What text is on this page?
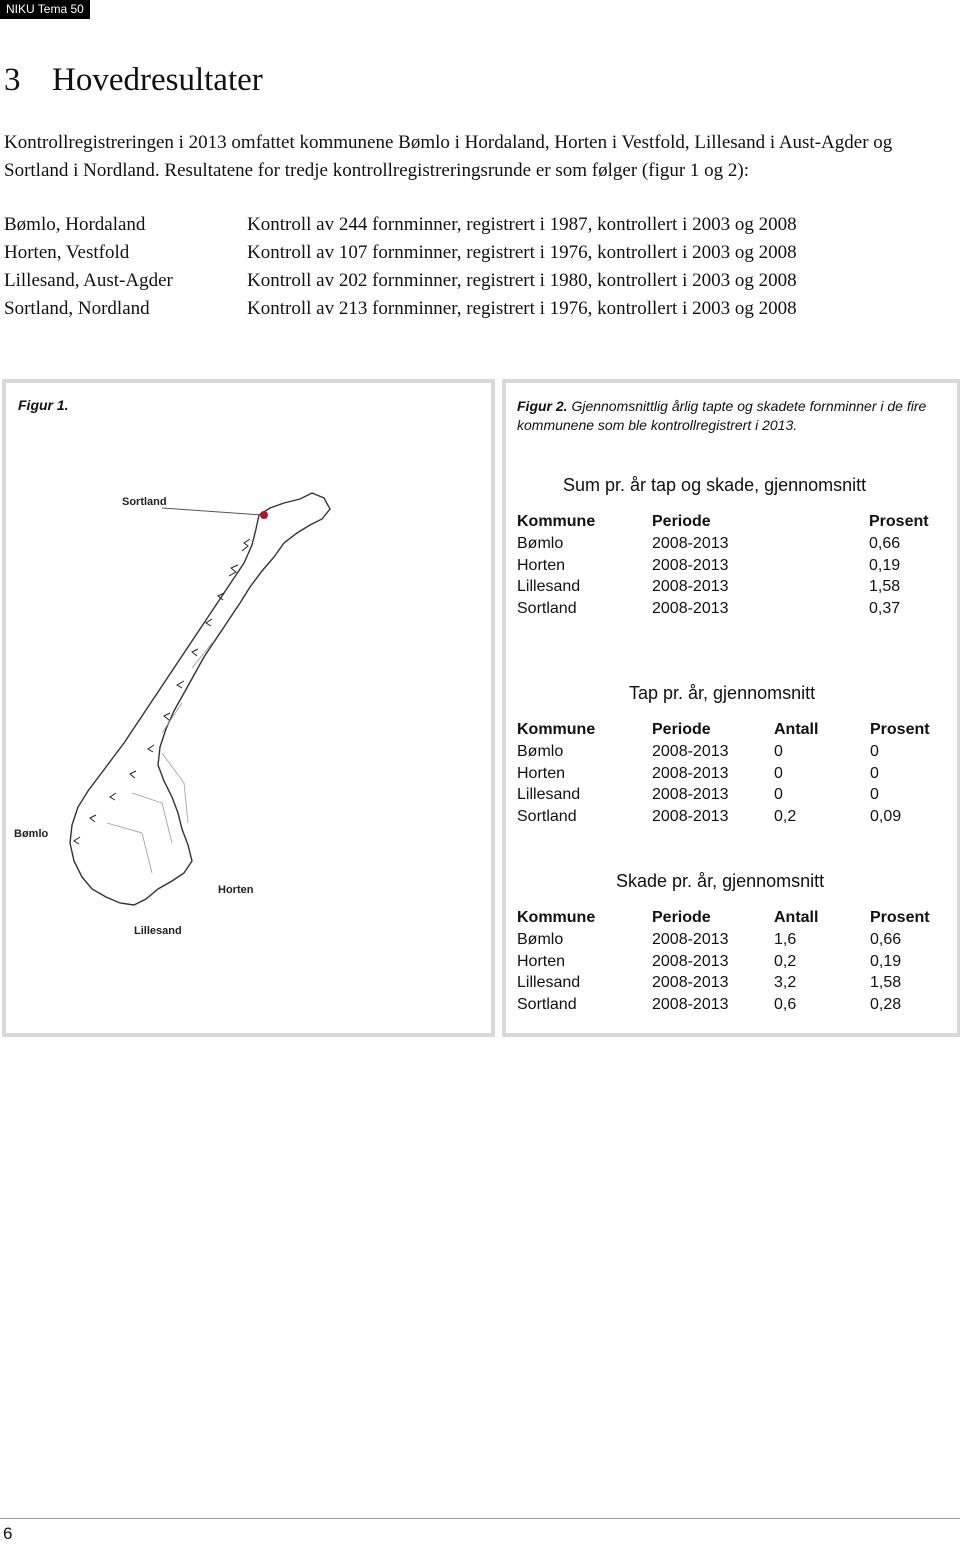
NIKU Tema 50
3 Hovedresultater
Kontrollregistreringen i 2013 omfattet kommunene Bømlo i Hordaland, Horten i Vestfold, Lillesand i Aust-Agder og Sortland i Nordland. Resultatene for tredje kontrollregistreringsrunde er som følger (figur 1 og 2):
Bømlo, Hordaland	Kontroll av 244 fornminner, registrert i 1987, kontrollert i 2003 og 2008
Horten, Vestfold	Kontroll av 107 fornminner, registrert i 1976, kontrollert i 2003 og 2008
Lillesand, Aust-Agder	Kontroll av 202 fornminner, registrert i 1980, kontrollert i 2003 og 2008
Sortland, Nordland	Kontroll av 213 fornminner, registrert i 1976, kontrollert i 2003 og 2008
Figur 1.
Sortland
Bømlo
Horten
Lillesand
Figur 2. Gjennomsnittlig årlig tapte og skadete fornminner i de fire kommunene som ble kontrollregistrert i 2013.
Sum pr. år tap og skade, gjennomsnitt
Kommune	Periode	Prosent
Bømlo	2008-2013	0,66
Horten	2008-2013	0,19
Lillesand	2008-2013	1,58
Sortland	2008-2013	0,37
Tap pr. år, gjennomsnitt
Kommune	Periode	Antall	Prosent
Bømlo	2008-2013	0	0
Horten	2008-2013	0	0
Lillesand	2008-2013	0	0
Sortland	2008-2013	0,2	0,09
Skade pr. år, gjennomsnitt
Kommune	Periode	Antall	Prosent
Bømlo	2008-2013	1,6	0,66
Horten	2008-2013	0,2	0,19
Lillesand	2008-2013	3,2	1,58
Sortland	2008-2013	0,6	0,28
6
